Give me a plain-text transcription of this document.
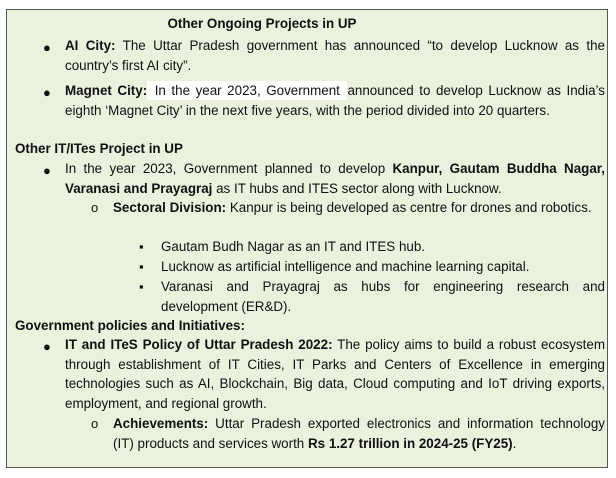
Other Ongoing Projects in UP
● AI City: The Uttar Pradesh government has announced “to develop Lucknow as the country’s first AI city”.
● Magnet City: In the year 2023, Government announced to develop Lucknow as India’s eighth ‘Magnet City’ in the next five years, with the period divided into 20 quarters.
Other IT/ITes Project in UP
● In the year 2023, Government planned to develop Kanpur, Gautam Buddha Nagar, Varanasi and Prayagraj as IT hubs and ITES sector along with Lucknow.
o Sectoral Division: Kanpur is being developed as centre for drones and robotics.
▪ Gautam Budh Nagar as an IT and ITES hub.
▪ Lucknow as artificial intelligence and machine learning capital.
▪ Varanasi and Prayagraj as hubs for engineering research and development (ER&D).
Government policies and Initiatives:
● IT and ITeS Policy of Uttar Pradesh 2022: The policy aims to build a robust ecosystem through establishment of IT Cities, IT Parks and Centers of Excellence in emerging technologies such as AI, Blockchain, Big data, Cloud computing and IoT driving exports, employment, and regional growth.
o Achievements: Uttar Pradesh exported electronics and information technology (IT) products and services worth Rs 1.27 trillion in 2024-25 (FY25).
